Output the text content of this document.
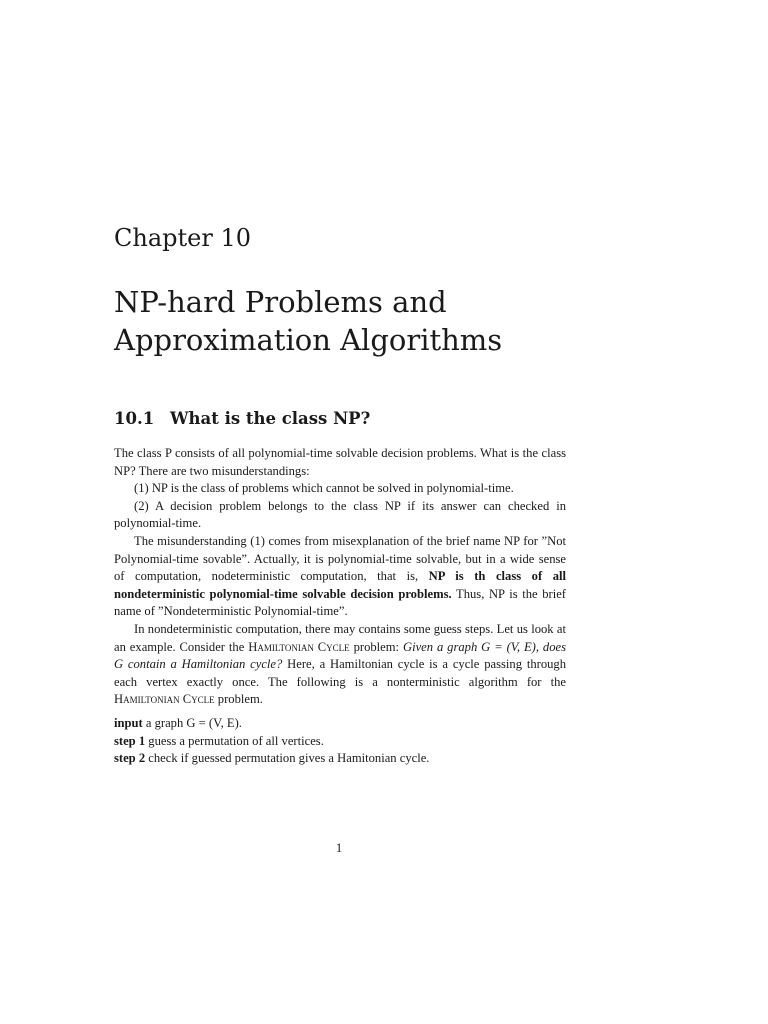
Chapter 10
NP-hard Problems and
Approximation Algorithms
10.1 What is the class NP?

The class P consists of all polynomial-time solvable decision problems. What is the class NP? There are two misunderstandings:

(1) NP is the class of problems which cannot be solved in polynomial-time.

(2) A decision problem belongs to the class NP if its answer can checked in polynomial-time.

The misunderstanding (1) comes from misexplanation of the brief name NP for ”Not Polynomial-time sovable”. Actually, it is polynomial-time solvable, but in a wide sense of computation, nodeterministic computation, that is, NP is th class of all nondeterministic polynomial-time solvable decision problems. Thus, NP is the brief name of ”Nondeterministic Polynomial-time”.

In nondeterministic computation, there may contains some guess steps. Let us look at an example. Consider the Hamiltonian Cycle problem: Given a graph G = (V, E), does G contain a Hamiltonian cycle? Here, a Hamiltonian cycle is a cycle passing through each vertex exactly once. The following is a nonterministic algorithm for the Hamiltonian Cycle problem.

input a graph G = (V, E).

step 1 guess a permutation of all vertices.

step 2 check if guessed permutation gives a Hamitonian cycle.

1
